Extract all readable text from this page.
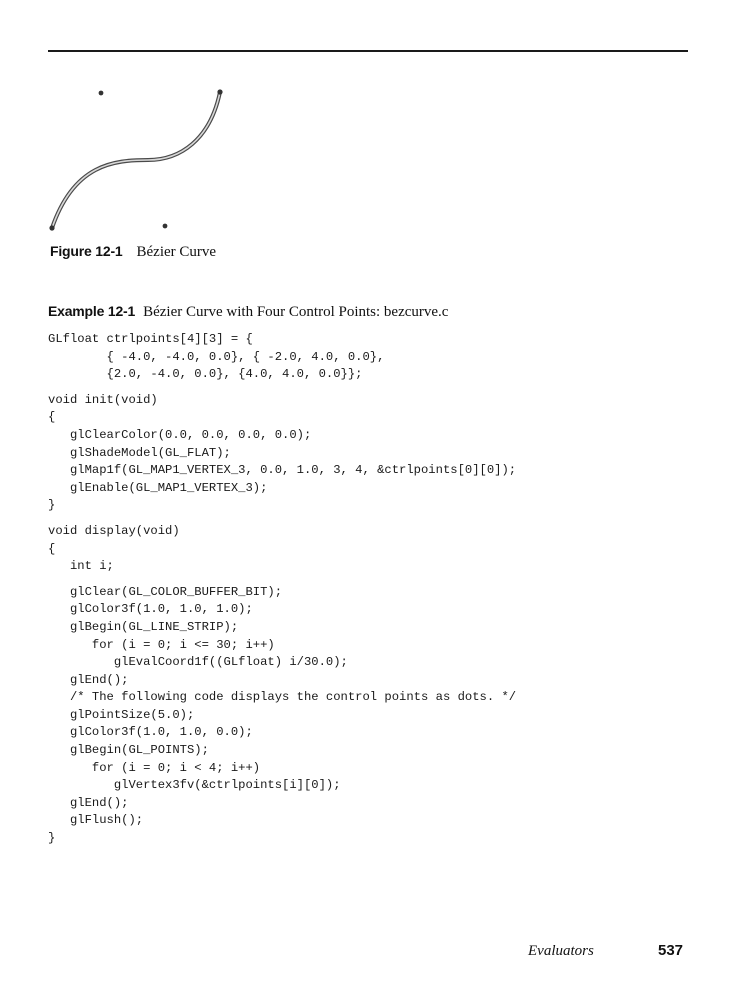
Figure 12-1 Bézier Curve
Example 12-1 Bézier Curve with Four Control Points: bezcurve.c
GLfloat ctrlpoints[4][3] = {
{ -4.0, -4.0, 0.0}, { -2.0, 4.0, 0.0},
{2.0, -4.0, 0.0}, {4.0, 4.0, 0.0}};
void init(void)
{
glClearColor(0.0, 0.0, 0.0, 0.0);
glShadeModel(GL_FLAT);
glMap1f(GL_MAP1_VERTEX_3, 0.0, 1.0, 3, 4, &ctrlpoints[0][0]);
glEnable(GL_MAP1_VERTEX_3);
}
void display(void)
{
int i;
glClear(GL_COLOR_BUFFER_BIT);
glColor3f(1.0, 1.0, 1.0);
glBegin(GL_LINE_STRIP);
for (i = 0; i <= 30; i++)
glEvalCoord1f((GLfloat) i/30.0);
glEnd();
/* The following code displays the control points as dots. */
glPointSize(5.0);
glColor3f(1.0, 1.0, 0.0);
glBegin(GL_POINTS);
for (i = 0; i < 4; i++)
glVertex3fv(&ctrlpoints[i][0]);
glEnd();
glFlush();
}
Evaluators	537
